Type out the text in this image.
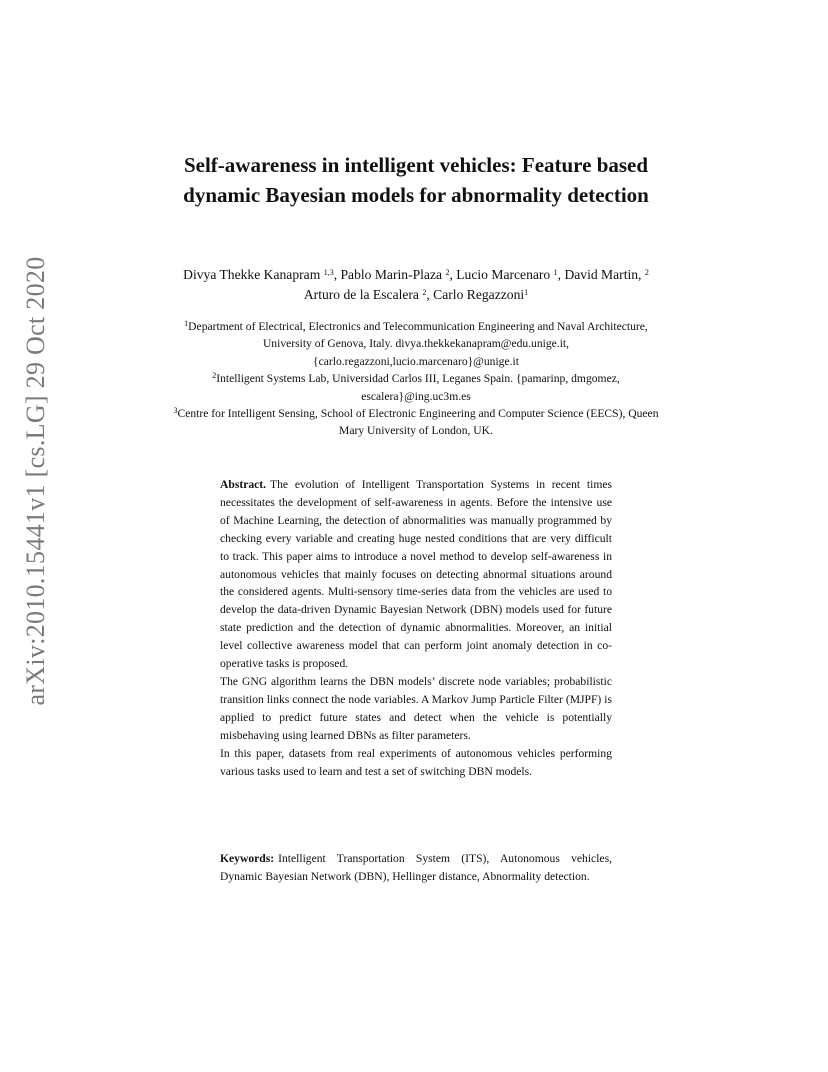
arXiv:2010.15441v1 [cs.LG] 29 Oct 2020
Self-awareness in intelligent vehicles: Feature based dynamic Bayesian models for abnormality detection
Divya Thekke Kanapram $^{1,3}$, Pablo Marin-Plaza $^2$, Lucio Marcenaro $^1$, David Martin, $^2$ Arturo de la Escalera $^2$, Carlo Regazzoni$^1$
$^1$Department of Electrical, Electronics and Telecommunication Engineering and Naval Architecture, University of Genova, Italy. divya.thekkekanapram@edu.unige.it, {carlo.regazzoni,lucio.marcenaro}@unige.it
$^2$Intelligent Systems Lab, Universidad Carlos III, Leganes Spain. {pamarinp, dmgomez, escalera}@ing.uc3m.es
$^3$Centre for Intelligent Sensing, School of Electronic Engineering and Computer Science (EECS), Queen Mary University of London, UK.

Abstract. The evolution of Intelligent Transportation Systems in recent times necessitates the development of self-awareness in agents. Before the intensive use of Machine Learning, the detection of abnormalities was manually programmed by checking every variable and creating huge nested conditions that are very difficult to track. This paper aims to introduce a novel method to develop self-awareness in autonomous vehicles that mainly focuses on detecting abnormal situations around the considered agents. Multi-sensory time-series data from the vehicles are used to develop the data-driven Dynamic Bayesian Network (DBN) models used for future state prediction and the detection of dynamic abnormalities. Moreover, an initial level collective awareness model that can perform joint anomaly detection in co-operative tasks is proposed.

The GNG algorithm learns the DBN models’ discrete node variables; probabilistic transition links connect the node variables. A Markov Jump Particle Filter (MJPF) is applied to predict future states and detect when the vehicle is potentially misbehaving using learned DBNs as filter parameters.

In this paper, datasets from real experiments of autonomous vehicles performing various tasks used to learn and test a set of switching DBN models.

Keywords: Intelligent Transportation System (ITS), Autonomous vehicles, Dynamic Bayesian Network (DBN), Hellinger distance, Abnormality detection.
